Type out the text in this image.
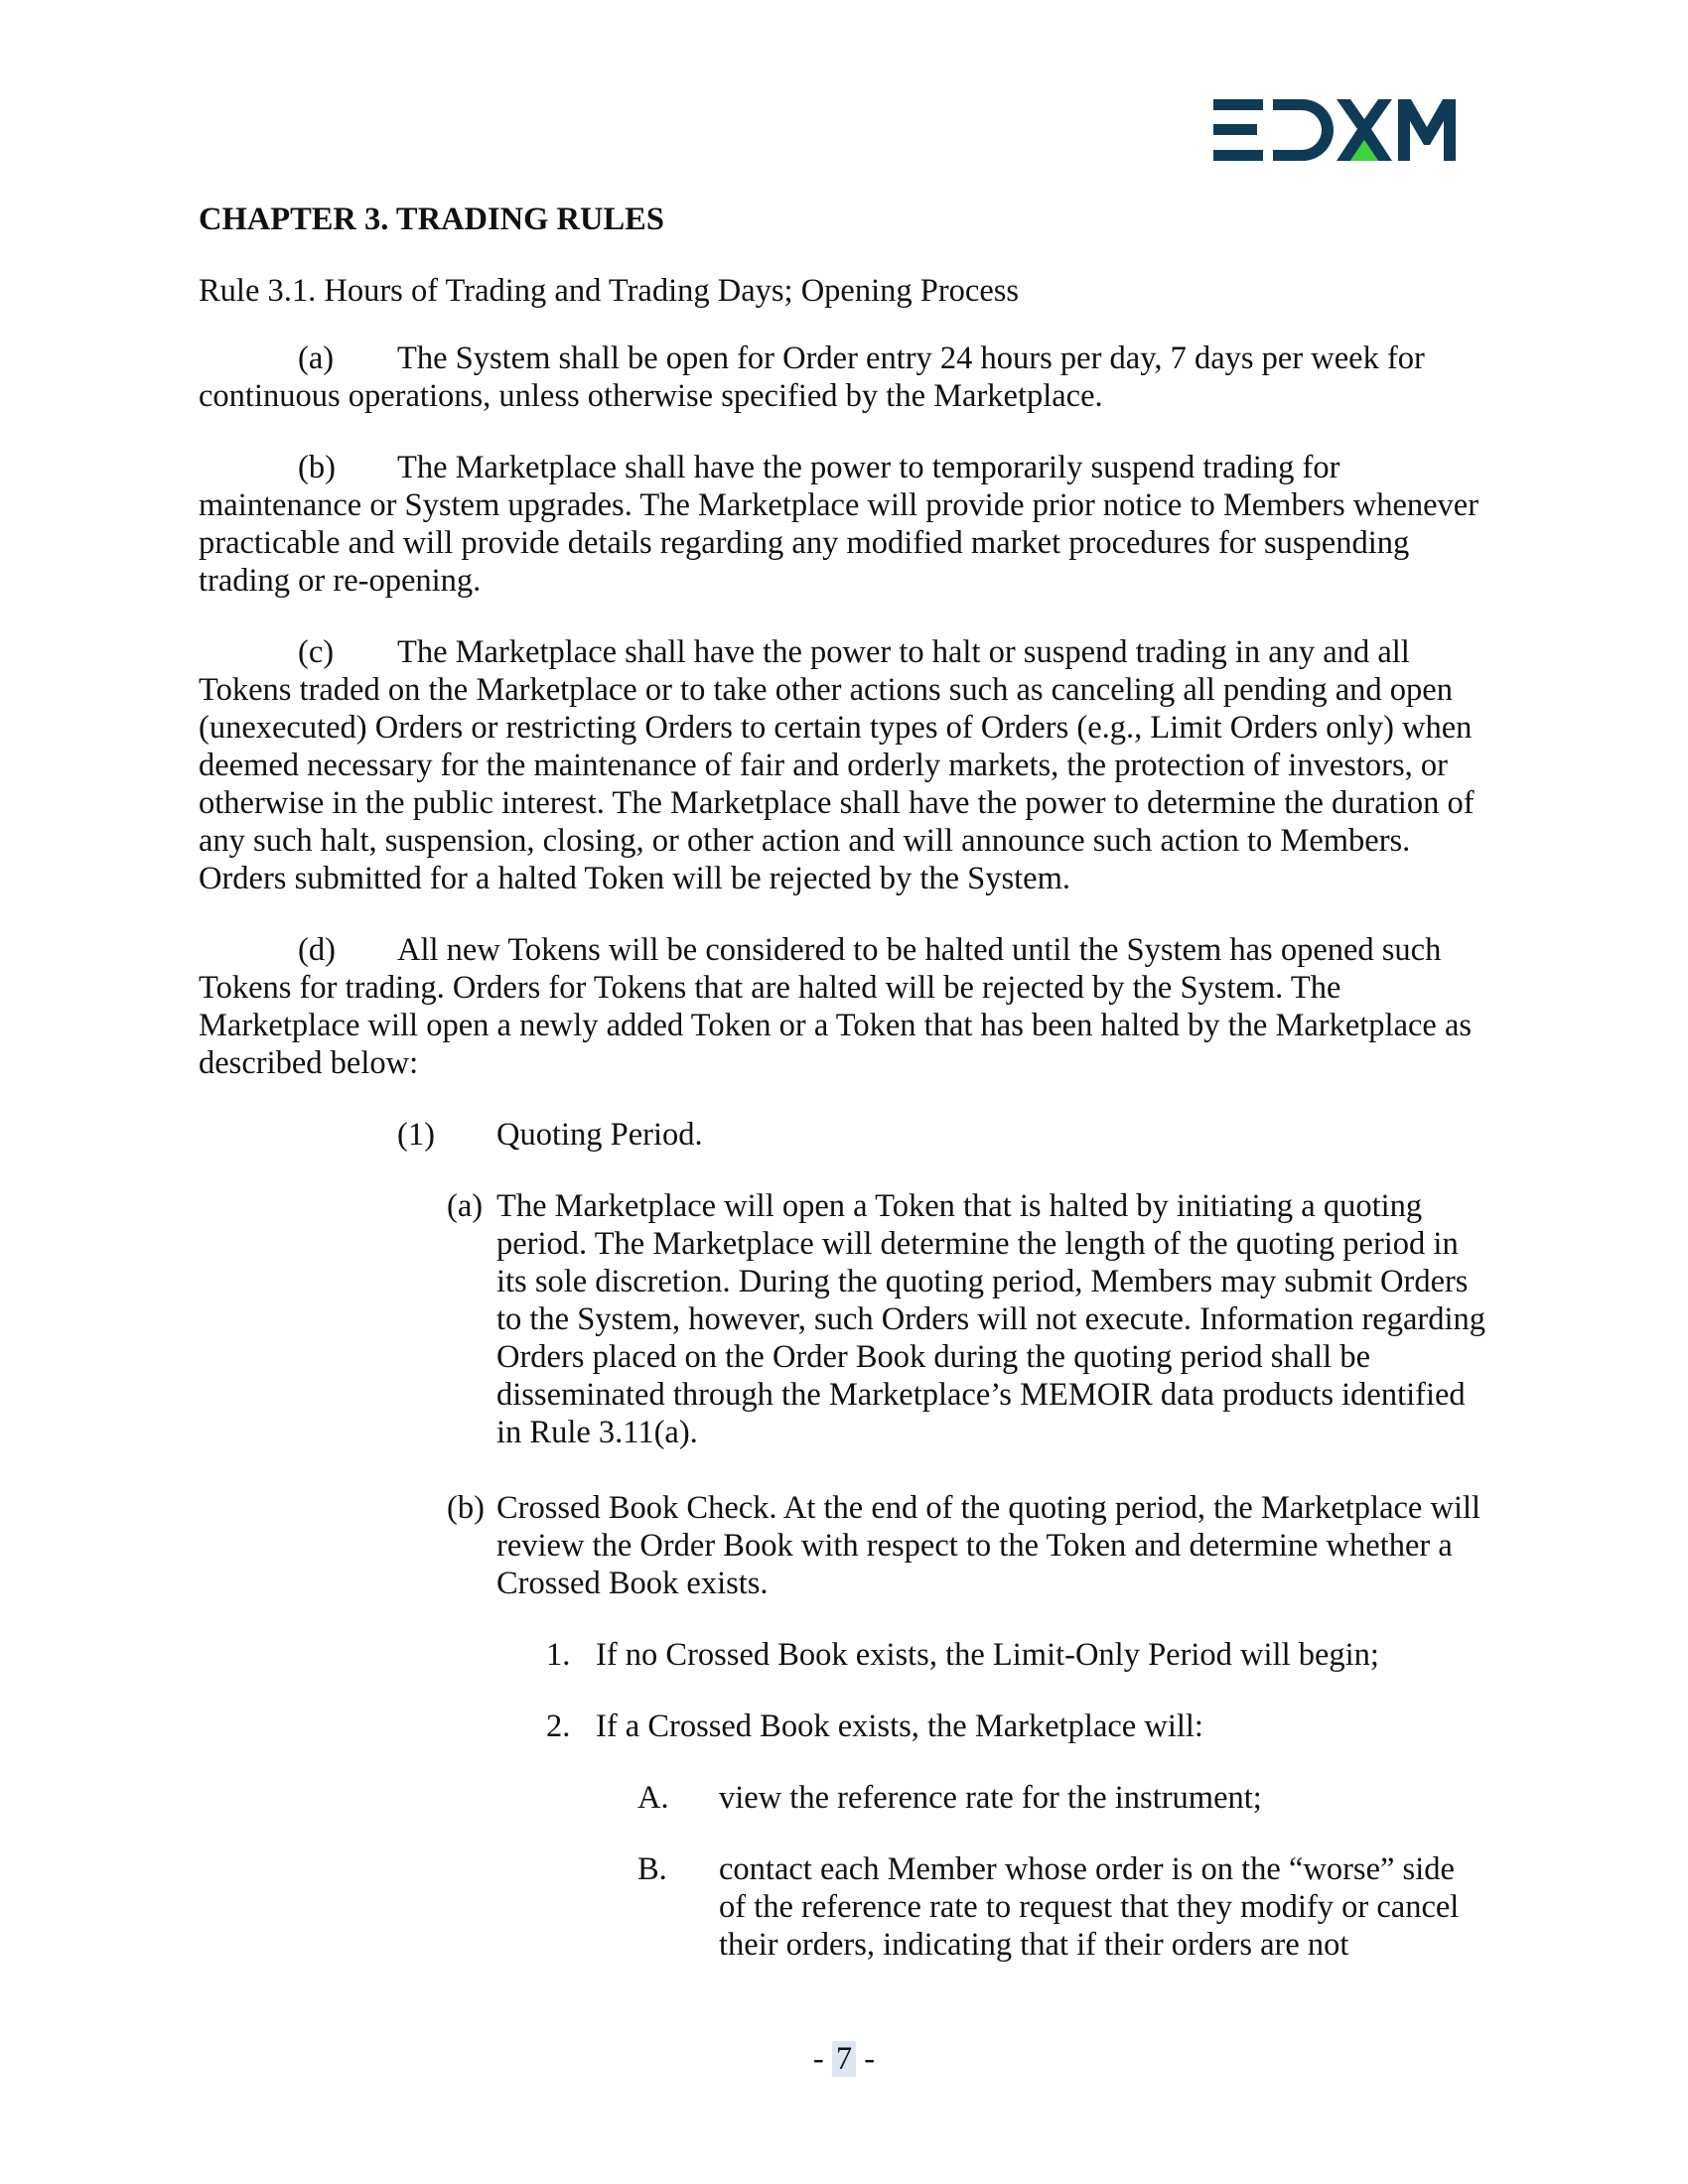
CHAPTER 3. TRADING RULES

Rule 3.1. Hours of Trading and Trading Days; Opening Process

(a) The System shall be open for Order entry 24 hours per day, 7 days per week for continuous operations, unless otherwise specified by the Marketplace.

(b) The Marketplace shall have the power to temporarily suspend trading for maintenance or System upgrades. The Marketplace will provide prior notice to Members whenever practicable and will provide details regarding any modified market procedures for suspending trading or re-opening.

(c) The Marketplace shall have the power to halt or suspend trading in any and all Tokens traded on the Marketplace or to take other actions such as canceling all pending and open (unexecuted) Orders or restricting Orders to certain types of Orders (e.g., Limit Orders only) when deemed necessary for the maintenance of fair and orderly markets, the protection of investors, or otherwise in the public interest. The Marketplace shall have the power to determine the duration of any such halt, suspension, closing, or other action and will announce such action to Members. Orders submitted for a halted Token will be rejected by the System.

(d) All new Tokens will be considered to be halted until the System has opened such Tokens for trading. Orders for Tokens that are halted will be rejected by the System. The Marketplace will open a newly added Token or a Token that has been halted by the Marketplace as described below:

(1)	Quoting Period.

(a) The Marketplace will open a Token that is halted by initiating a quoting period. The Marketplace will determine the length of the quoting period in its sole discretion. During the quoting period, Members may submit Orders to the System, however, such Orders will not execute. Information regarding Orders placed on the Order Book during the quoting period shall be disseminated through the Marketplace’s MEMOIR data products identified in Rule 3.11(a).

(b) Crossed Book Check. At the end of the quoting period, the Marketplace will review the Order Book with respect to the Token and determine whether a Crossed Book exists.

1. If no Crossed Book exists, the Limit-Only Period will begin;

2. If a Crossed Book exists, the Marketplace will:

A.	view the reference rate for the instrument;

B.	contact each Member whose order is on the “worse” side of the reference rate to request that they modify or cancel their orders, indicating that if their orders are not

- 7 -
